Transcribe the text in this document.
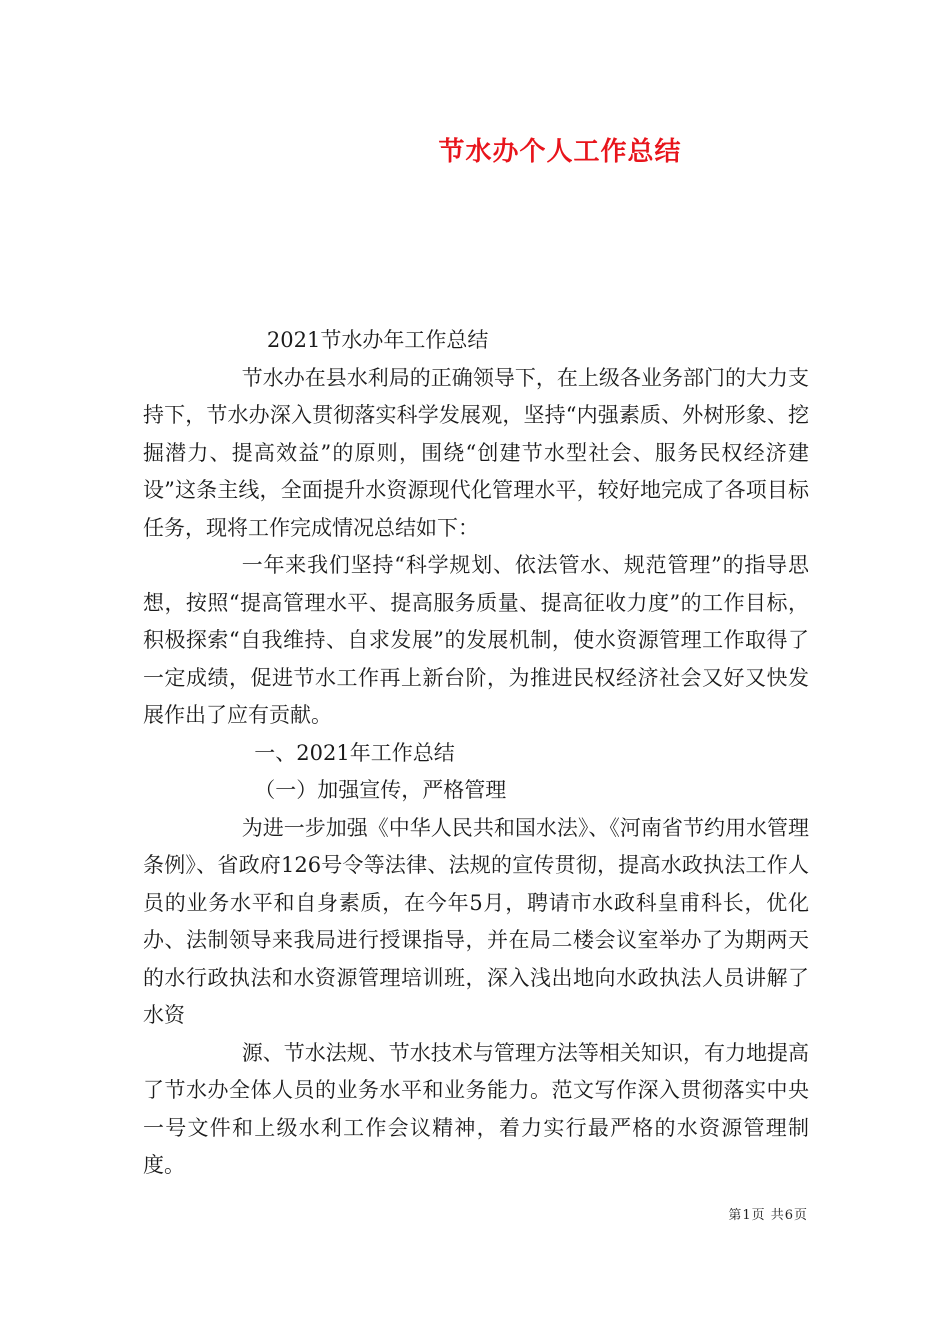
节水办个人工作总结

2021节水办年工作总结

节水办在县水利局的正确领导下，在上级各业务部门的大力支持下，节水办深入贯彻落实科学发展观，坚持“内强素质、外树形象、挖掘潜力、提高效益”的原则，围绕“创建节水型社会、服务民权经济建设”这条主线，全面提升水资源现代化管理水平，较好地完成了各项目标任务，现将工作完成情况总结如下：

一年来我们坚持“科学规划、依法管水、规范管理”的指导思想，按照“提高管理水平、提高服务质量、提高征收力度”的工作目标，积极探索“自我维持、自求发展”的发展机制，使水资源管理工作取得了一定成绩，促进节水工作再上新台阶，为推进民权经济社会又好又快发展作出了应有贡献。

一、2021年工作总结

（一）加强宣传，严格管理

为进一步加强《中华人民共和国水法》、《河南省节约用水管理条例》、省政府126号令等法律、法规的宣传贯彻，提高水政执法工作人员的业务水平和自身素质，在今年5月，聘请市水政科皇甫科长，优化办、法制领导来我局进行授课指导，并在局二楼会议室举办了为期两天的水行政执法和水资源管理培训班，深入浅出地向水政执法人员讲解了水资

源、节水法规、节水技术与管理方法等相关知识，有力地提高了节水办全体人员的业务水平和业务能力。范文写作深入贯彻落实中央一号文件和上级水利工作会议精神，着力实行最严格的水资源管理制度。

第1页 共6页
